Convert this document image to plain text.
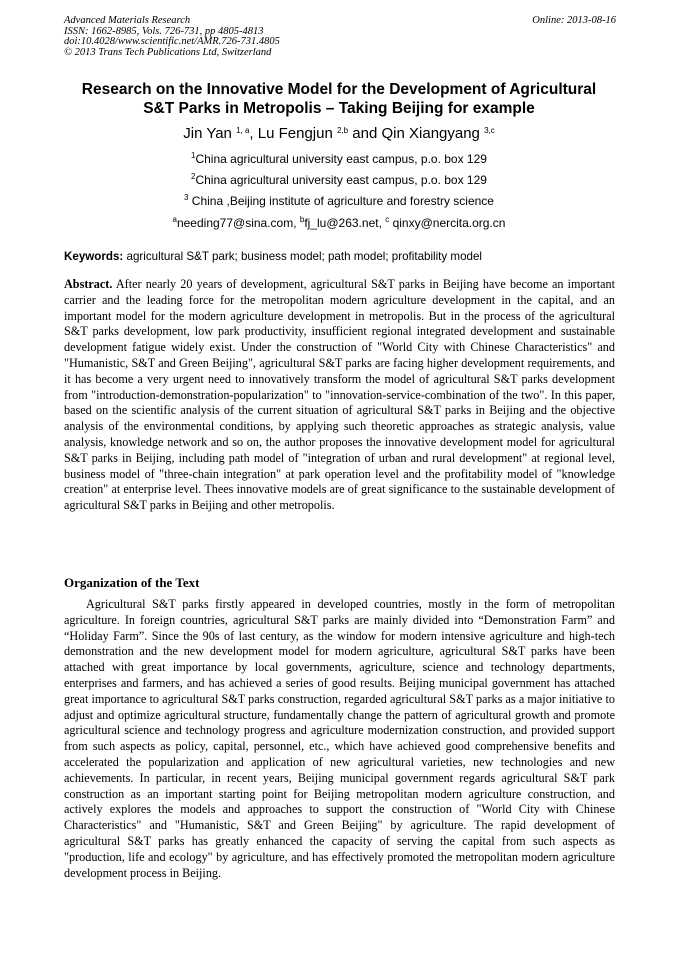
Advanced Materials Research
ISSN: 1662-8985, Vols. 726-731, pp 4805-4813
doi:10.4028/www.scientific.net/AMR.726-731.4805
© 2013 Trans Tech Publications Ltd, Switzerland
Online: 2013-08-16
Research on the Innovative Model for the Development of Agricultural
S&T Parks in Metropolis – Taking Beijing for example
Jin Yan $^{1, a}$, Lu Fengjun $^{2,b}$ and Qin Xiangyang $^{3,c}$
$^1$China agricultural university east campus, p.o. box 129
$^2$China agricultural university east campus, p.o. box 129
$^3$ China ,Beijing institute of agriculture and forestry science
$^a$needing77@sina.com, $^b$fj_lu@263.net, $^c$ qinxy@nercita.org.cn
Keywords: agricultural S&T park; business model; path model; profitability model
Abstract. After nearly 20 years of development, agricultural S&T parks in Beijing have become an important carrier and the leading force for the metropolitan modern agriculture development in the capital, and an important model for the modern agriculture development in metropolis. But in the process of the agricultural S&T parks development, low park productivity, insufficient regional integrated development and sustainable development fatigue widely exist. Under the construction of "World City with Chinese Characteristics" and "Humanistic, S&T and Green Beijing", agricultural S&T parks are facing higher development requirements, and it has become a very urgent need to innovatively transform the model of agricultural S&T parks development from "introduction-demonstration-popularization" to "innovation-service-combination of the two". In this paper, based on the scientific analysis of the current situation of agricultural S&T parks in Beijing and the objective analysis of the environmental conditions, by applying such theoretic approaches as strategic analysis, value analysis, knowledge network and so on, the author proposes the innovative development model for agricultural S&T parks in Beijing, including path model of "integration of urban and rural development" at regional level, business model of "three-chain integration" at park operation level and the profitability model of "knowledge creation" at enterprise level. Thees innovative models are of great significance to the sustainable development of agricultural S&T parks in Beijing and other metropolis.
Organization of the Text
Agricultural S&T parks firstly appeared in developed countries, mostly in the form of metropolitan agriculture. In foreign countries, agricultural S&T parks are mainly divided into “Demonstration Farm” and “Holiday Farm”. Since the 90s of last century, as the window for modern intensive agriculture and high-tech demonstration and the new development model for modern agriculture, agricultural S&T parks have been attached with great importance by local governments, agriculture, science and technology departments, enterprises and farmers, and has achieved a series of good results. Beijing municipal government has attached great importance to agricultural S&T parks construction, regarded agricultural S&T parks as a major initiative to adjust and optimize agricultural structure, fundamentally change the pattern of agricultural growth and promote agricultural science and technology progress and agriculture modernization construction, and provided support from such aspects as policy, capital, personnel, etc., which have achieved good comprehensive benefits and accelerated the popularization and application of new agricultural varieties, new technologies and new achievements. In particular, in recent years, Beijing municipal government regards agricultural S&T park construction as an important starting point for Beijing metropolitan modern agriculture construction, and actively explores the models and approaches to support the construction of "World City with Chinese Characteristics" and "Humanistic, S&T and Green Beijing" by agriculture. The rapid development of agricultural S&T parks has greatly enhanced the capacity of serving the capital from such aspects as "production, life and ecology" by agriculture, and has effectively promoted the metropolitan modern agriculture development process in Beijing.
